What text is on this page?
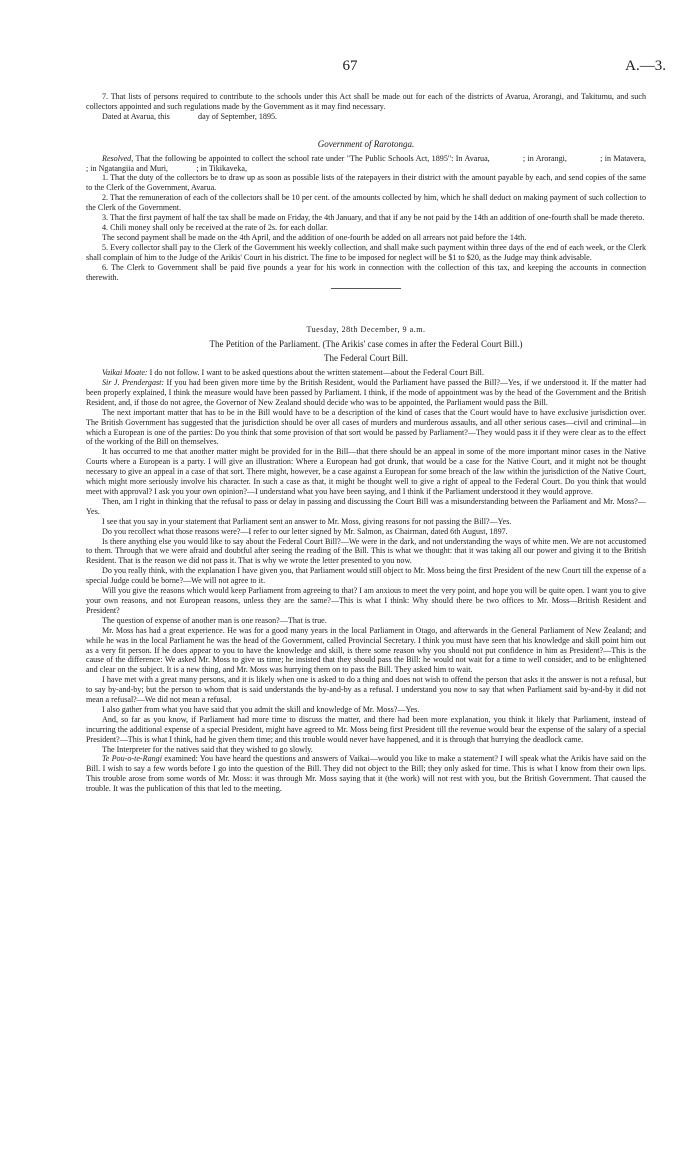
67	A.—3.

7. That lists of persons required to contribute to the schools under this Act shall be made out for each of the districts of Avarua, Arorangi, and Takitumu, and such collectors appointed and such regulations made by the Government as it may find necessary.

Dated at Avarua, this              day of September, 1895.

Government of Rarotonga.

Resolved, That the following be appointed to collect the school rate under "The Public Schools Act, 1895": In Avarua,              ; in Arorangi,              ; in Matavera,              ; in Ngatangiia and Muri,              ; in Tikikaveka,

1. That the duty of the collectors be to draw up as soon as possible lists of the ratepayers in their district with the amount payable by each, and send copies of the same to the Clerk of the Government, Avarua.

2. That the remuneration of each of the collectors shall be 10 per cent. of the amounts collected by him, which he shall deduct on making payment of such collection to the Clerk of the Government.

3. That the first payment of half the tax shall be made on Friday, the 4th January, and that if any be not paid by the 14th an addition of one-fourth shall be made thereto.

4. Chili money shall only be received at the rate of 2s. for each dollar.

The second payment shall be made on the 4th April, and the addition of one-fourth be added on all arrears not paid before the 14th.

5. Every collector shall pay to the Clerk of the Government his weekly collection, and shall make such payment within three days of the end of each week, or the Clerk shall complain of him to the Judge of the Arikis' Court in his district. The fine to be imposed for neglect will be $1 to $20, as the Judge may think advisable.

6. The Clerk to Government shall be paid five pounds a year for his work in connection with the collection of this tax, and keeping the accounts in connection therewith.

Tuesday, 28th December, 9 a.m.

The Petition of the Parliament. (The Arikis' case comes in after the Federal Court Bill.)

The Federal Court Bill.

Vaikai Moate: I do not follow. I want to be asked questions about the written statement—about the Federal Court Bill.

Sir J. Prendergast: If you had been given more time by the British Resident, would the Parliament have passed the Bill?—Yes, if we understood it. If the matter had been properly explained, I think the measure would have been passed by Parliament. I think, if the mode of appointment was by the head of the Government and the British Resident, and, if those do not agree, the Governor of New Zealand should decide who was to be appointed, the Parliament would pass the Bill.

The next important matter that has to be in the Bill would have to be a description of the kind of cases that the Court would have to have exclusive jurisdiction over. The British Government has suggested that the jurisdiction should be over all cases of murders and murderous assaults, and all other serious cases—civil and criminal—in which a European is one of the parties: Do you think that some provision of that sort would be passed by Parliament?—They would pass it if they were clear as to the effect of the working of the Bill on themselves.

It has occurred to me that another matter might be provided for in the Bill—that there should be an appeal in some of the more important minor cases in the Native Courts where a European is a party. I will give an illustration: Where a European had got drunk, that would be a case for the Native Court, and it might not be thought necessary to give an appeal in a case of that sort. There might, however, be a case against a European for some breach of the law within the jurisdiction of the Native Court, which might more seriously involve his character. In such a case as that, it might be thought well to give a right of appeal to the Federal Court. Do you think that would meet with approval? I ask you your own opinion?—I understand what you have been saying, and I think if the Parliament understood it they would approve.

Then, am I right in thinking that the refusal to pass or delay in passing and discussing the Court Bill was a misunderstanding between the Parliament and Mr. Moss?—Yes.

I see that you say in your statement that Parliament sent an answer to Mr. Moss, giving reasons for not passing the Bill?—Yes.

Do you recollect what those reasons were?—I refer to our letter signed by Mr. Salmon, as Chairman, dated 6th August, 1897.

Is there anything else you would like to say about the Federal Court Bill?—We were in the dark, and not understanding the ways of white men. We are not accustomed to them. Through that we were afraid and doubtful after seeing the reading of the Bill. This is what we thought: that it was taking all our power and giving it to the British Resident. That is the reason we did not pass it. That is why we wrote the letter presented to you now.

Do you really think, with the explanation I have given you, that Parliament would still object to Mr. Moss being the first President of the new Court till the expense of a special Judge could be borne?—We will not agree to it.

Will you give the reasons which would keep Parliament from agreeing to that? I am anxious to meet the very point, and hope you will be quite open. I want you to give your own reasons, and not European reasons, unless they are the same?—This is what I think: Why should there be two offices to Mr. Moss—British Resident and President?

The question of expense of another man is one reason?—That is true.

Mr. Moss has had a great experience. He was for a good many years in the local Parliament in Otago, and afterwards in the General Parliament of New Zealand; and while he was in the local Parliament he was the head of the Government, called Provincial Secretary. I think you must have seen that his knowledge and skill point him out as a very fit person. If he does appear to you to have the knowledge and skill, is there some reason why you should not put confidence in him as President?—This is the cause of the difference: We asked Mr. Moss to give us time; he insisted that they should pass the Bill: he would not wait for a time to well consider, and to be enlightened and clear on the subject. It is a new thing, and Mr. Moss was hurrying them on to pass the Bill. They asked him to wait.

I have met with a great many persons, and it is likely when one is asked to do a thing and does not wish to offend the person that asks it the answer is not a refusal, but to say by-and-by; but the person to whom that is said understands the by-and-by as a refusal. I understand you now to say that when Parliament said by-and-by it did not mean a refusal?—We did not mean a refusal.

I also gather from what you have said that you admit the skill and knowledge of Mr. Moss?—Yes.

And, so far as you know, if Parliament had more time to discuss the matter, and there had been more explanation, you think it likely that Parliament, instead of incurring the additional expense of a special President, might have agreed to Mr. Moss being first President till the revenue would bear the expense of the salary of a special President?—This is what I think, had he given them time; and this trouble would never have happened, and it is through that hurrying the deadlock came.

The Interpreter for the natives said that they wished to go slowly.

Te Pou-o-te-Rangi examined: You have heard the questions and answers of Vaikai—would you like to make a statement? I will speak what the Arikis have said on the Bill. I wish to say a few words before I go into the question of the Bill. They did not object to the Bill; they only asked for time. This is what I know from their own lips. This trouble arose from some words of Mr. Moss: it was through Mr. Moss saying that it (the work) will not rest with you, but the British Government. That caused the trouble. It was the publication of this that led to the meeting.
